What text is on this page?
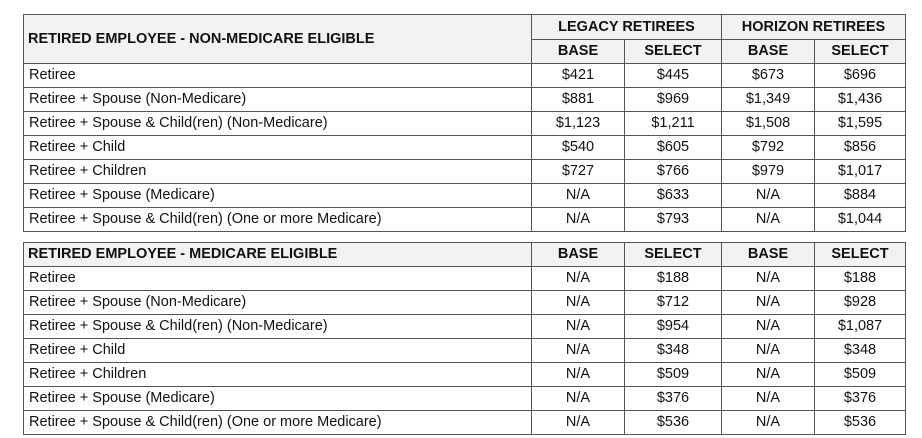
RETIRED EMPLOYEE - NON-MEDICARE ELIGIBLE	LEGACY RETIREES		HORIZON RETIREES	
	BASE	SELECT	BASE	SELECT
Retiree	$421	$445	$673	$696
Retiree + Spouse (Non-Medicare)	$881	$969	$1,349	$1,436
Retiree + Spouse & Child(ren) (Non-Medicare)	$1,123	$1,211	$1,508	$1,595
Retiree + Child	$540	$605	$792	$856
Retiree + Children	$727	$766	$979	$1,017
Retiree + Spouse (Medicare)	N/A	$633	N/A	$884
Retiree + Spouse & Child(ren) (One or more Medicare)	N/A	$793	N/A	$1,044
RETIRED EMPLOYEE - MEDICARE ELIGIBLE	BASE	SELECT	BASE	SELECT
Retiree	N/A	$188	N/A	$188
Retiree + Spouse (Non-Medicare)	N/A	$712	N/A	$928
Retiree + Spouse & Child(ren) (Non-Medicare)	N/A	$954	N/A	$1,087
Retiree + Child	N/A	$348	N/A	$348
Retiree + Children	N/A	$509	N/A	$509
Retiree + Spouse (Medicare)	N/A	$376	N/A	$376
Retiree + Spouse & Child(ren) (One or more Medicare)	N/A	$536	N/A	$536
